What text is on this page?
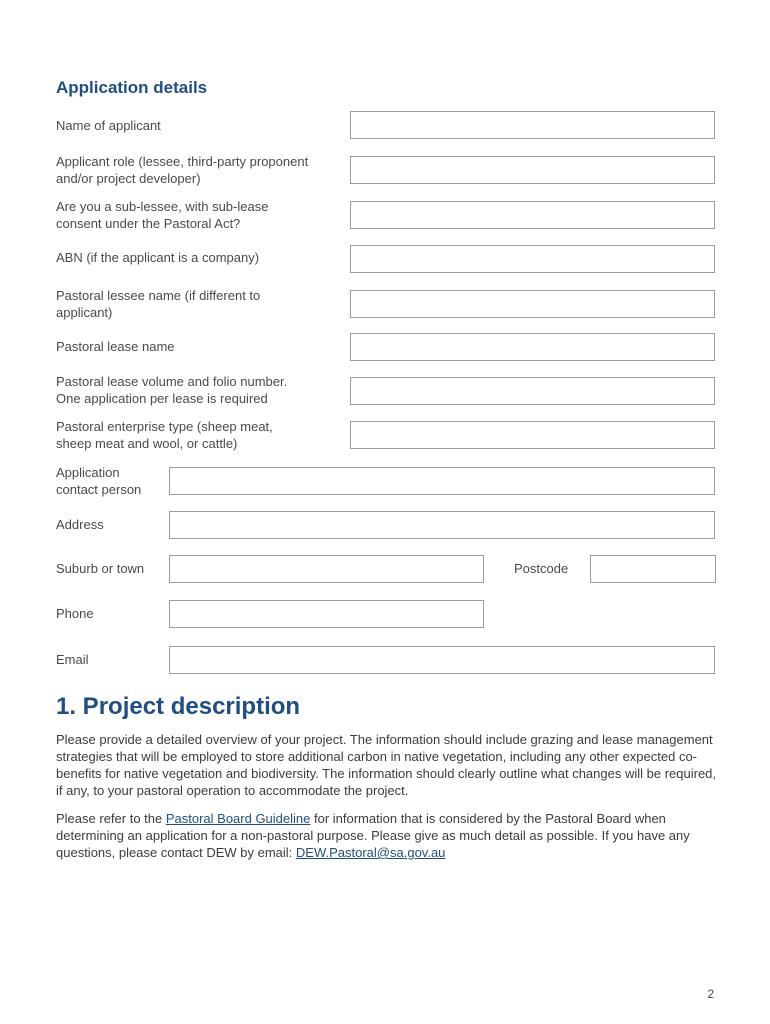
Application details
Name of applicant
Applicant role (lessee, third-party proponent and/or project developer)
Are you a sub-lessee, with sub-lease consent under the Pastoral Act?
ABN (if the applicant is a company)
Pastoral lessee name (if different to applicant)
Pastoral lease name
Pastoral lease volume and folio number. One application per lease is required
Pastoral enterprise type (sheep meat, sheep meat and wool, or cattle)
Application contact person
Address
Suburb or town	Postcode
Phone
Email
1. Project description
Please provide a detailed overview of your project. The information should include grazing and lease management strategies that will be employed to store additional carbon in native vegetation, including any other expected co-benefits for native vegetation and biodiversity. The information should clearly outline what changes will be required, if any, to your pastoral operation to accommodate the project.
Please refer to the Pastoral Board Guideline for information that is considered by the Pastoral Board when determining an application for a non-pastoral purpose. Please give as much detail as possible. If you have any questions, please contact DEW by email: DEW.Pastoral@sa.gov.au
2
